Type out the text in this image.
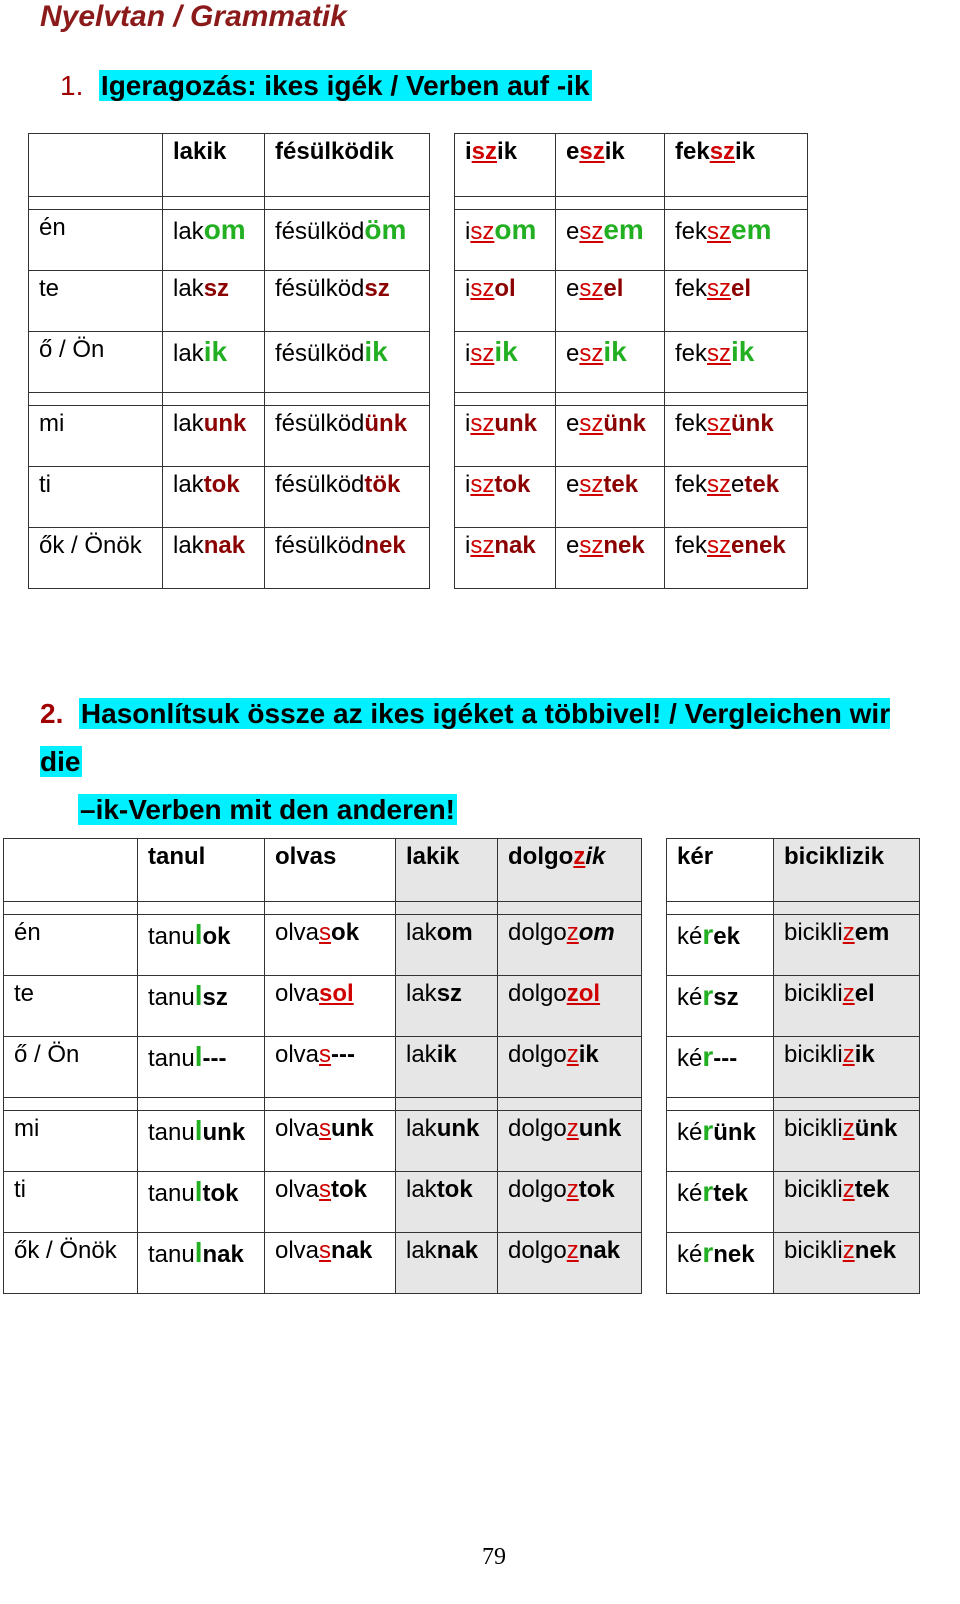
Nyelvtan / Grammatik
1. Igeragozás: ikes igék / Verben auf -ik
	lakik	fésülködik		iszik	eszik	fekszik

én	lakom	fésülködöm		iszom	eszem	fekszem
te	laksz	fésülködsz		iszol	eszel	fekszel
ő / Ön	lakik	fésülködik		iszik	eszik	fekszik

mi	lakunk	fésülködünk		iszunk	eszünk	fekszünk
ti	laktok	fésülködtök		isztok	esztek	fekszetek
ők / Önök	laknak	fésülködnek		isznak	esznek	fekszenek
2. Hasonlítsuk össze az ikes igéket a többivel! / Vergleichen wir die
–ik-Verben mit den anderen!
	tanul	olvas	lakik	dolgozik		kér	biciklizik

én	tanulok	olvasok	lakom	dolgozom		kérek	biciklizem
te	tanulsz	olvasol	laksz	dolgozol		kérsz	biciklizel
ő / Ön	tanul---	olvas---	lakik	dolgozik		kér---	biciklizik

mi	tanulunk	olvasunk	lakunk	dolgozunk		kérünk	biciklizünk
ti	tanultok	olvastok	laktok	dolgoztok		kértek	bicikliztek
ők / Önök	tanulnak	olvasnak	laknak	dolgoznak		kérnek	bicikliznek

79
